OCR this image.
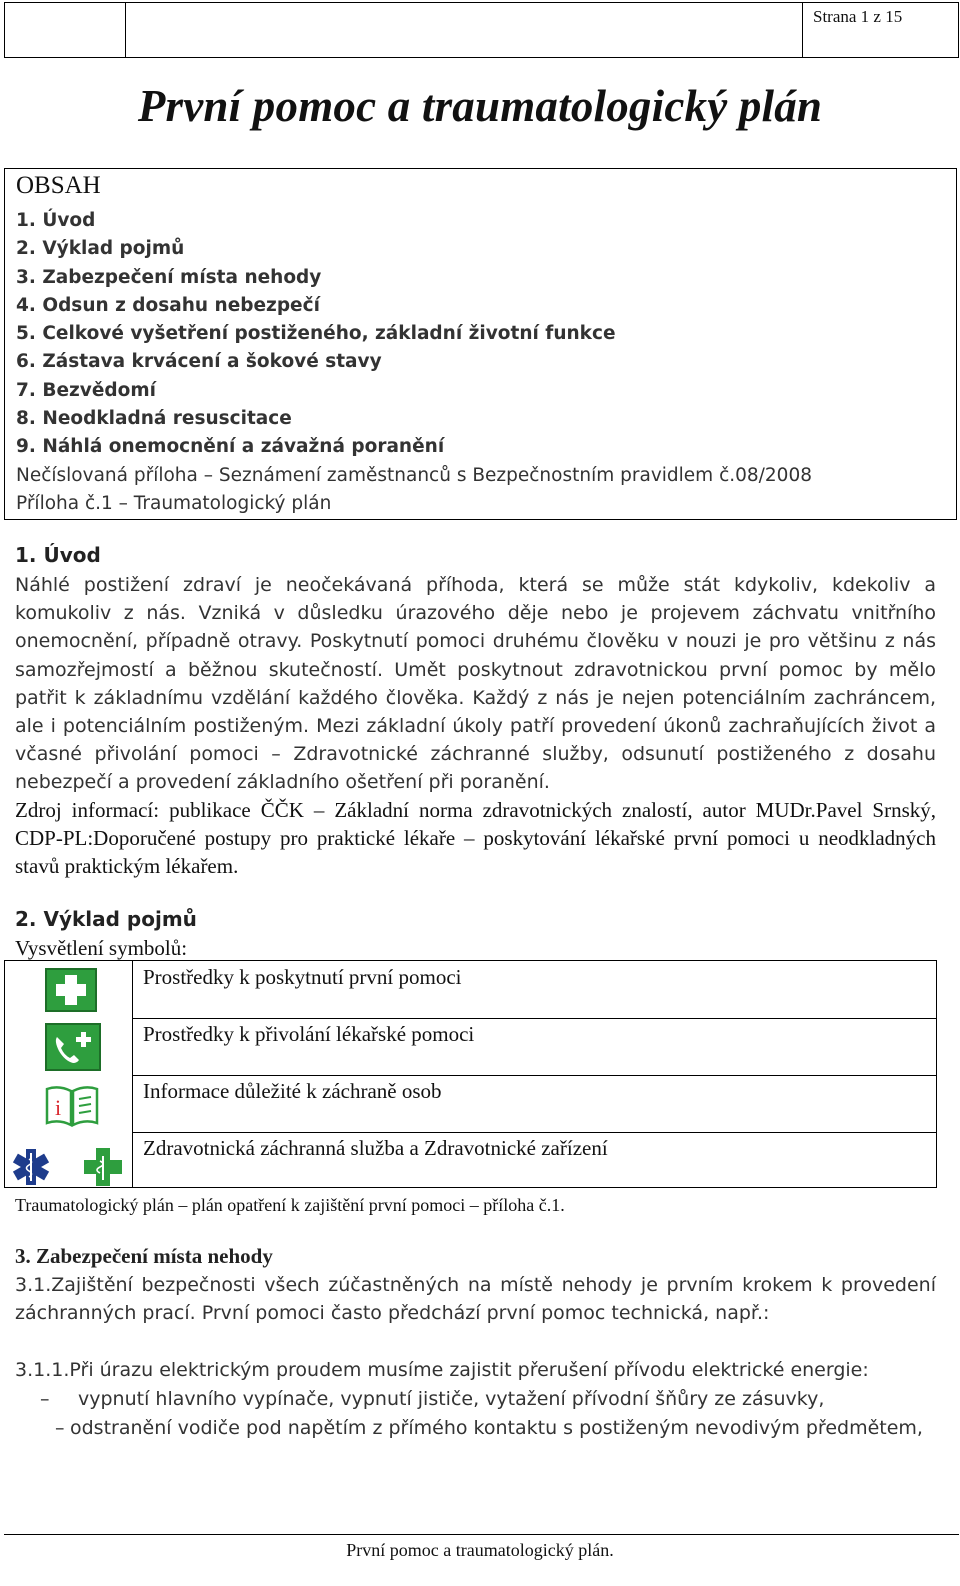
Strana 1 z 15
První pomoc a traumatologický plán
OBSAH
1. Úvod
2. Výklad pojmů
3. Zabezpečení místa nehody
4. Odsun z dosahu nebezpečí
5. Celkové vyšetření postiženého, základní životní funkce
6. Zástava krvácení a šokové stavy
7. Bezvědomí
8. Neodkladná resuscitace
9. Náhlá onemocnění a závažná poranění
Nečíslovaná příloha – Seznámení zaměstnanců s Bezpečnostním pravidlem č.08/2008
Příloha č.1 – Traumatologický plán
1. Úvod
Náhlé postižení zdraví je neočekávaná příhoda, která se může stát kdykoliv, kdekoliv a komukoliv z nás. Vzniká v důsledku úrazového děje nebo je projevem záchvatu vnitřního onemocnění, případně otravy. Poskytnutí pomoci druhému člověku v nouzi je pro většinu z nás samozřejmostí a běžnou skutečností. Umět poskytnout zdravotnickou první pomoc by mělo patřit k základnímu vzdělání každého člověka. Každý z nás je nejen potenciálním zachráncem, ale i potenciálním postiženým. Mezi základní úkoly patří provedení úkonů zachraňujících život a včasné přivolání pomoci – Zdravotnické záchranné služby, odsunutí postiženého z dosahu nebezpečí a provedení základního ošetření při poranění.
Zdroj informací: publikace ČČK – Základní norma zdravotnických znalostí, autor MUDr.Pavel Srnský, CDP-PL:Doporučené postupy pro praktické lékaře – poskytování lékařské první pomoci u neodkladných stavů praktickým lékařem.
2. Výklad pojmů
Vysvětlení symbolů:
Prostředky k poskytnutí první pomoci
Prostředky k přivolání lékařské pomoci
i
Informace důležité k záchraně osob
Zdravotnická záchranná služba a Zdravotnické zařízení
Traumatologický plán – plán opatření k zajištění první pomoci – příloha č.1.
3. Zabezpečení místa nehody
3.1.Zajištění bezpečnosti všech zúčastněných na místě nehody je prvním krokem k provedení záchranných prací. První pomoci často předchází první pomoc technická, např.:
3.1.1.Při úrazu elektrickým proudem musíme zajistit přerušení přívodu elektrické energie:
–	vypnutí hlavního vypínače, vypnutí jističe, vytažení přívodní šňůry ze zásuvky,
– odstranění vodiče pod napětím z přímého kontaktu s postiženým nevodivým předmětem,
První pomoc a traumatologický plán.
